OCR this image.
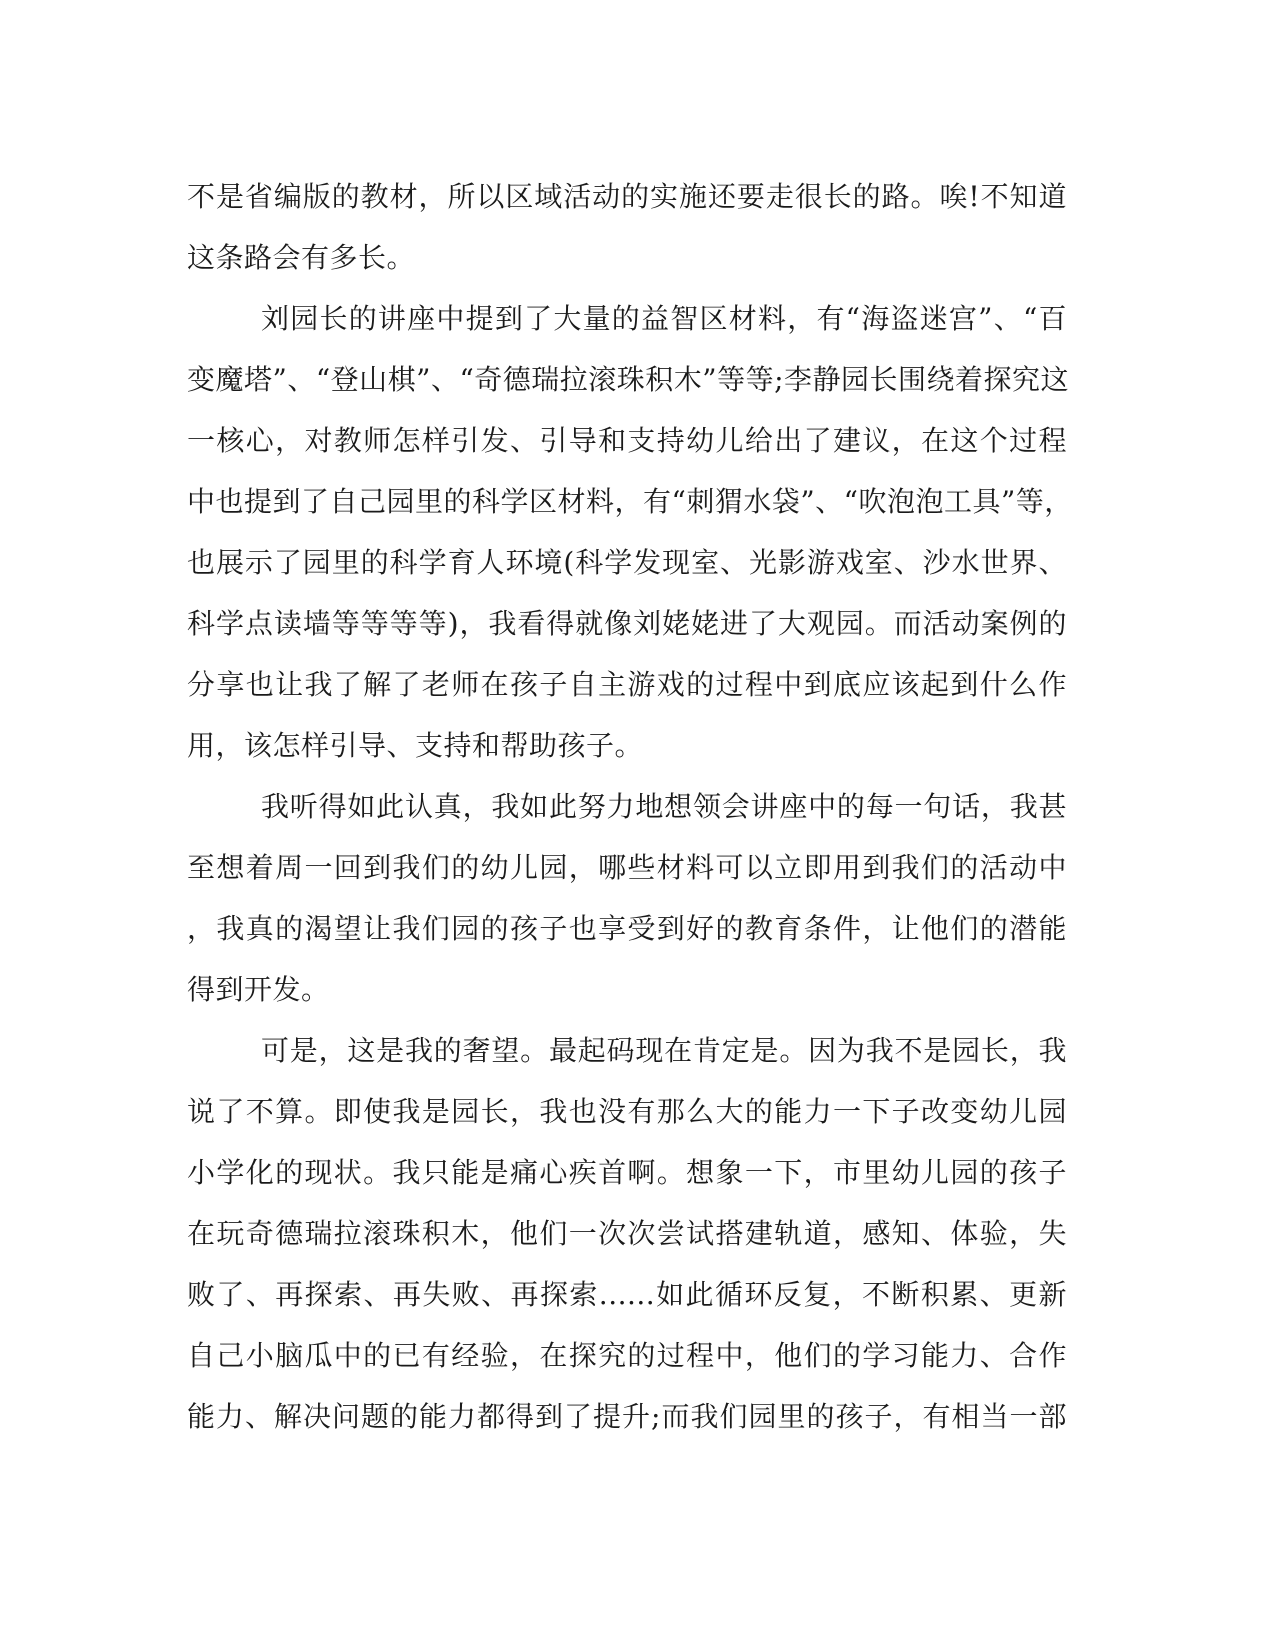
不是省编版的教材，所以区域活动的实施还要走很长的路。唉!不知道
这条路会有多长。
刘园长的讲座中提到了大量的益智区材料，有“海盗迷宫”、“百
变魔塔”、“登山棋”、“奇德瑞拉滚珠积木”等等;李静园长围绕着探究这
一核心，对教师怎样引发、引导和支持幼儿给出了建议，在这个过程
中也提到了自己园里的科学区材料，有“刺猬水袋”、“吹泡泡工具”等，
也展示了园里的科学育人环境(科学发现室、光影游戏室、沙水世界、
科学点读墙等等等等)，我看得就像刘姥姥进了大观园。而活动案例的
分享也让我了解了老师在孩子自主游戏的过程中到底应该起到什么作
用，该怎样引导、支持和帮助孩子。
我听得如此认真，我如此努力地想领会讲座中的每一句话，我甚
至想着周一回到我们的幼儿园，哪些材料可以立即用到我们的活动中
，我真的渴望让我们园的孩子也享受到好的教育条件，让他们的潜能
得到开发。
可是，这是我的奢望。最起码现在肯定是。因为我不是园长，我
说了不算。即使我是园长，我也没有那么大的能力一下子改变幼儿园
小学化的现状。我只能是痛心疾首啊。想象一下，市里幼儿园的孩子
在玩奇德瑞拉滚珠积木，他们一次次尝试搭建轨道，感知、体验，失
败了、再探索、再失败、再探索......如此循环反复，不断积累、更新
自己小脑瓜中的已有经验，在探究的过程中，他们的学习能力、合作
能力、解决问题的能力都得到了提升;而我们园里的孩子，有相当一部
